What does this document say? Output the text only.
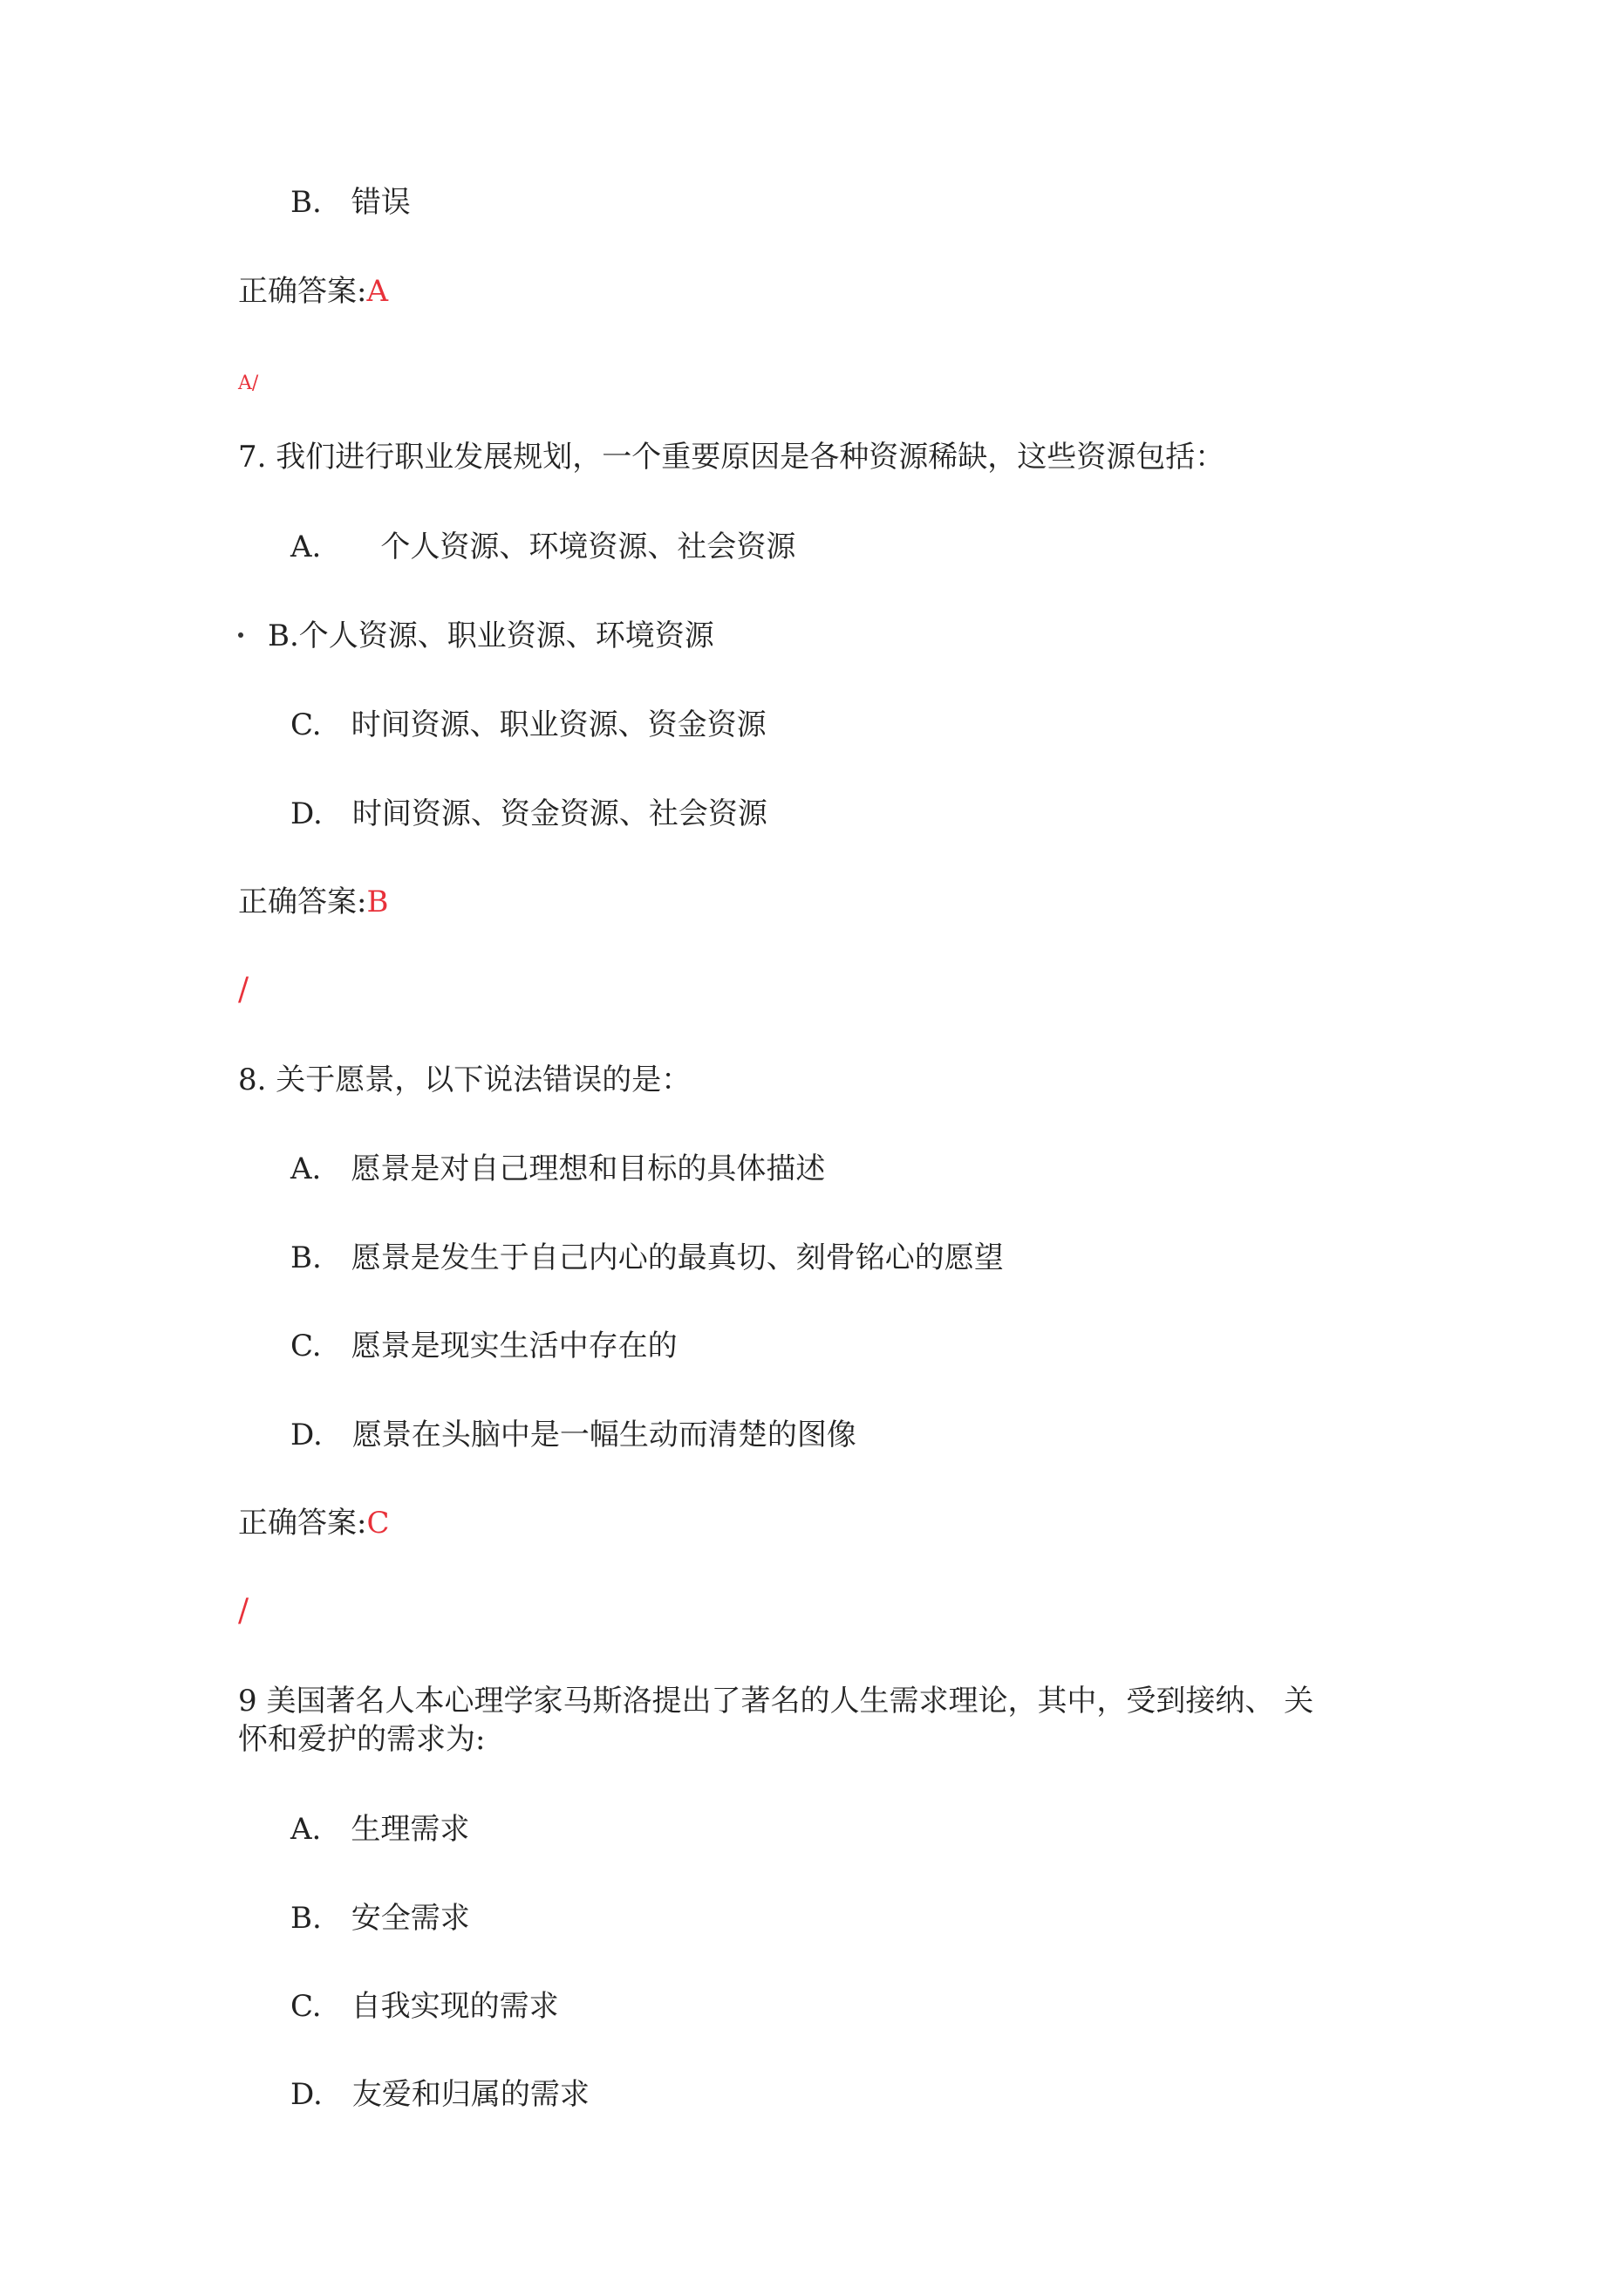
B. 错误
正确答案:A
A/
7. 我们进行职业发展规划，一个重要原因是各种资源稀缺，这些资源包括：
A. 个人资源、环境资源、社会资源
B.个人资源、职业资源、环境资源
C. 时间资源、职业资源、资金资源
D. 时间资源、资金资源、社会资源
正确答案:B
/
8. 关于愿景，以下说法错误的是：
A. 愿景是对自己理想和目标的具体描述
B. 愿景是发生于自己内心的最真切、刻骨铭心的愿望
C. 愿景是现实生活中存在的
D. 愿景在头脑中是一幅生动而清楚的图像
正确答案:C
/
9 美国著名人本心理学家马斯洛提出了著名的人生需求理论，其中，受到接纳、 关
怀和爱护的需求为:
A. 生理需求
B. 安全需求
C. 自我实现的需求
D. 友爱和归属的需求
